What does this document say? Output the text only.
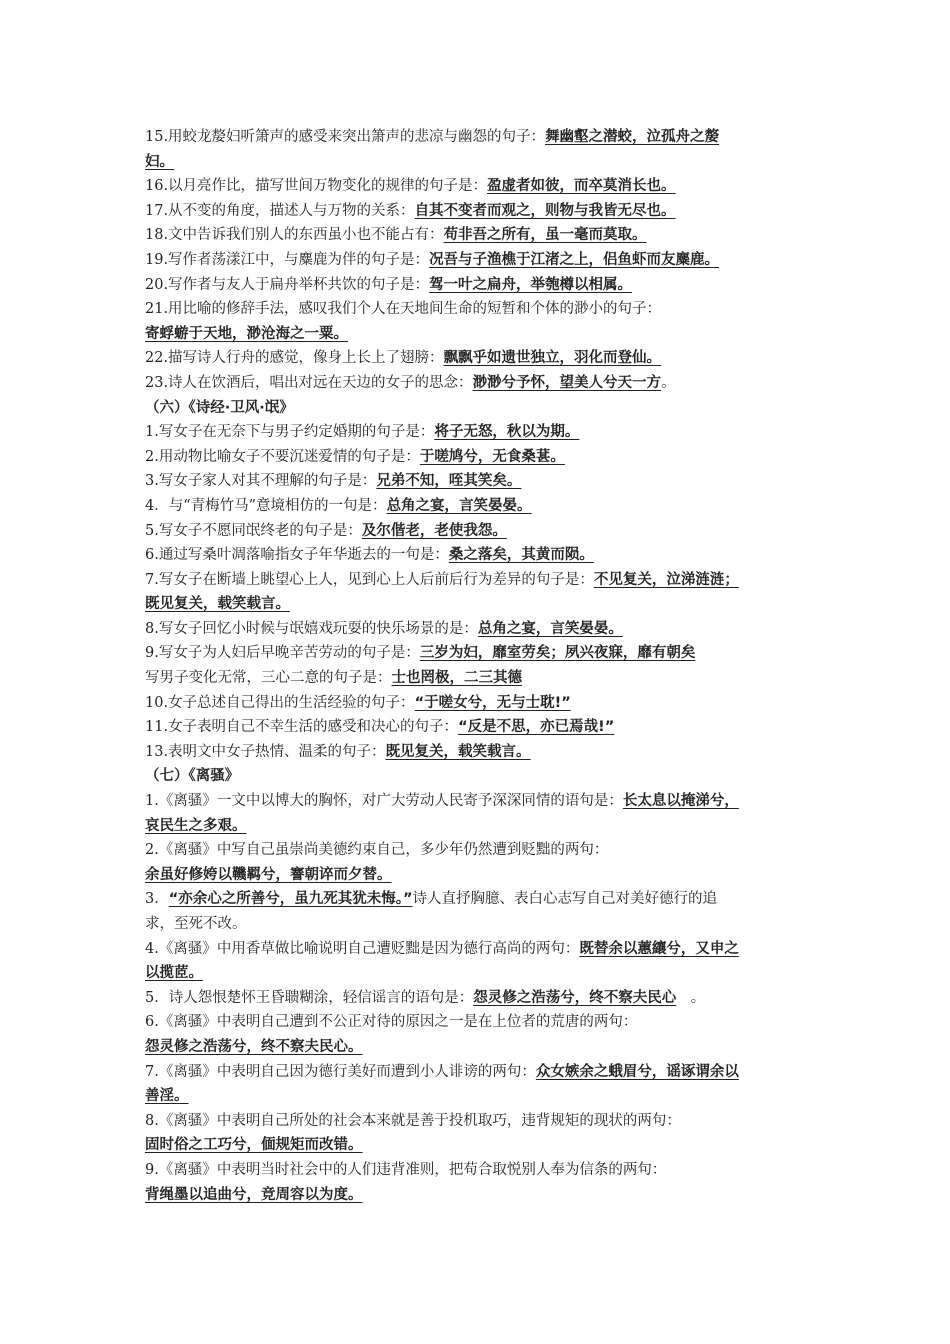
15.用蛟龙嫠妇听箫声的感受来突出箫声的悲凉与幽怨的句子：舞幽壑之潜蛟，泣孤舟之嫠
妇。
16.以月亮作比，描写世间万物变化的规律的句子是：盈虚者如彼，而卒莫消长也。
17.从不变的角度，描述人与万物的关系：自其不变者而观之，则物与我皆无尽也。
18.文中告诉我们别人的东西虽小也不能占有：苟非吾之所有，虽一毫而莫取。
19.写作者荡漾江中，与麋鹿为伴的句子是：况吾与子渔樵于江渚之上，侣鱼虾而友麋鹿。
20.写作者与友人于扁舟举杯共饮的句子是：驾一叶之扁舟，举匏樽以相属。
21.用比喻的修辞手法，感叹我们个人在天地间生命的短暂和个体的渺小的句子：
寄蜉蝣于天地，渺沧海之一粟。
22.描写诗人行舟的感觉，像身上长上了翅膀：飘飘乎如遗世独立，羽化而登仙。
23.诗人在饮酒后，唱出对远在天边的女子的思念：渺渺兮予怀，望美人兮天一方。
（六）《诗经·卫风·氓》
1.写女子在无奈下与男子约定婚期的句子是：将子无怒，秋以为期。
2.用动物比喻女子不要沉迷爱情的句子是：于嗟鸠兮，无食桑葚。
3.写女子家人对其不理解的句子是：兄弟不知，咥其笑矣。
4．与“青梅竹马”意境相仿的一句是：总角之宴，言笑晏晏。
5.写女子不愿同氓终老的句子是：及尔偕老，老使我怨。
6.通过写桑叶凋落喻指女子年华逝去的一句是：桑之落矣，其黄而陨。
7.写女子在断墙上眺望心上人，见到心上人后前后行为差异的句子是：不见复关，泣涕涟涟；
既见复关，载笑载言。
8.写女子回忆小时候与氓嬉戏玩耍的快乐场景的是：总角之宴，言笑晏晏。
9.写女子为人妇后早晚辛苦劳动的句子是：三岁为妇，靡室劳矣；夙兴夜寐，靡有朝矣
写男子变化无常，三心二意的句子是：士也罔极，二三其德
10.女子总述自己得出的生活经验的句子：“于嗟女兮，无与士耽!”
11.女子表明自己不幸生活的感受和决心的句子：“反是不思，亦已焉哉!”
13.表明文中女子热情、温柔的句子：既见复关，载笑载言。
（七）《离骚》
1.《离骚》一文中以博大的胸怀，对广大劳动人民寄予深深同情的语句是：长太息以掩涕兮，
哀民生之多艰。
2.《离骚》中写自己虽崇尚美德约束自己，多少年仍然遭到贬黜的两句：
余虽好修姱以鞿羁兮，謇朝谇而夕替。
3．“亦余心之所善兮，虽九死其犹未悔。”诗人直抒胸臆、表白心志写自己对美好德行的追
求，至死不改。
4.《离骚》中用香草做比喻说明自己遭贬黜是因为德行高尚的两句：既替余以蕙纕兮，又申之
以揽茝。
5．诗人怨恨楚怀王昏聩糊涂，轻信谣言的语句是：怨灵修之浩荡兮，终不察夫民心　。
6.《离骚》中表明自己遭到不公正对待的原因之一是在上位者的荒唐的两句：
怨灵修之浩荡兮，终不察夫民心。
7.《离骚》中表明自己因为德行美好而遭到小人诽谤的两句：众女嫉余之蛾眉兮，谣诼谓余以
善淫。
8.《离骚》中表明自己所处的社会本来就是善于投机取巧，违背规矩的现状的两句：
固时俗之工巧兮，偭规矩而改错。
9.《离骚》中表明当时社会中的人们违背准则，把苟合取悦别人奉为信条的两句：
背绳墨以追曲兮，竞周容以为度。
